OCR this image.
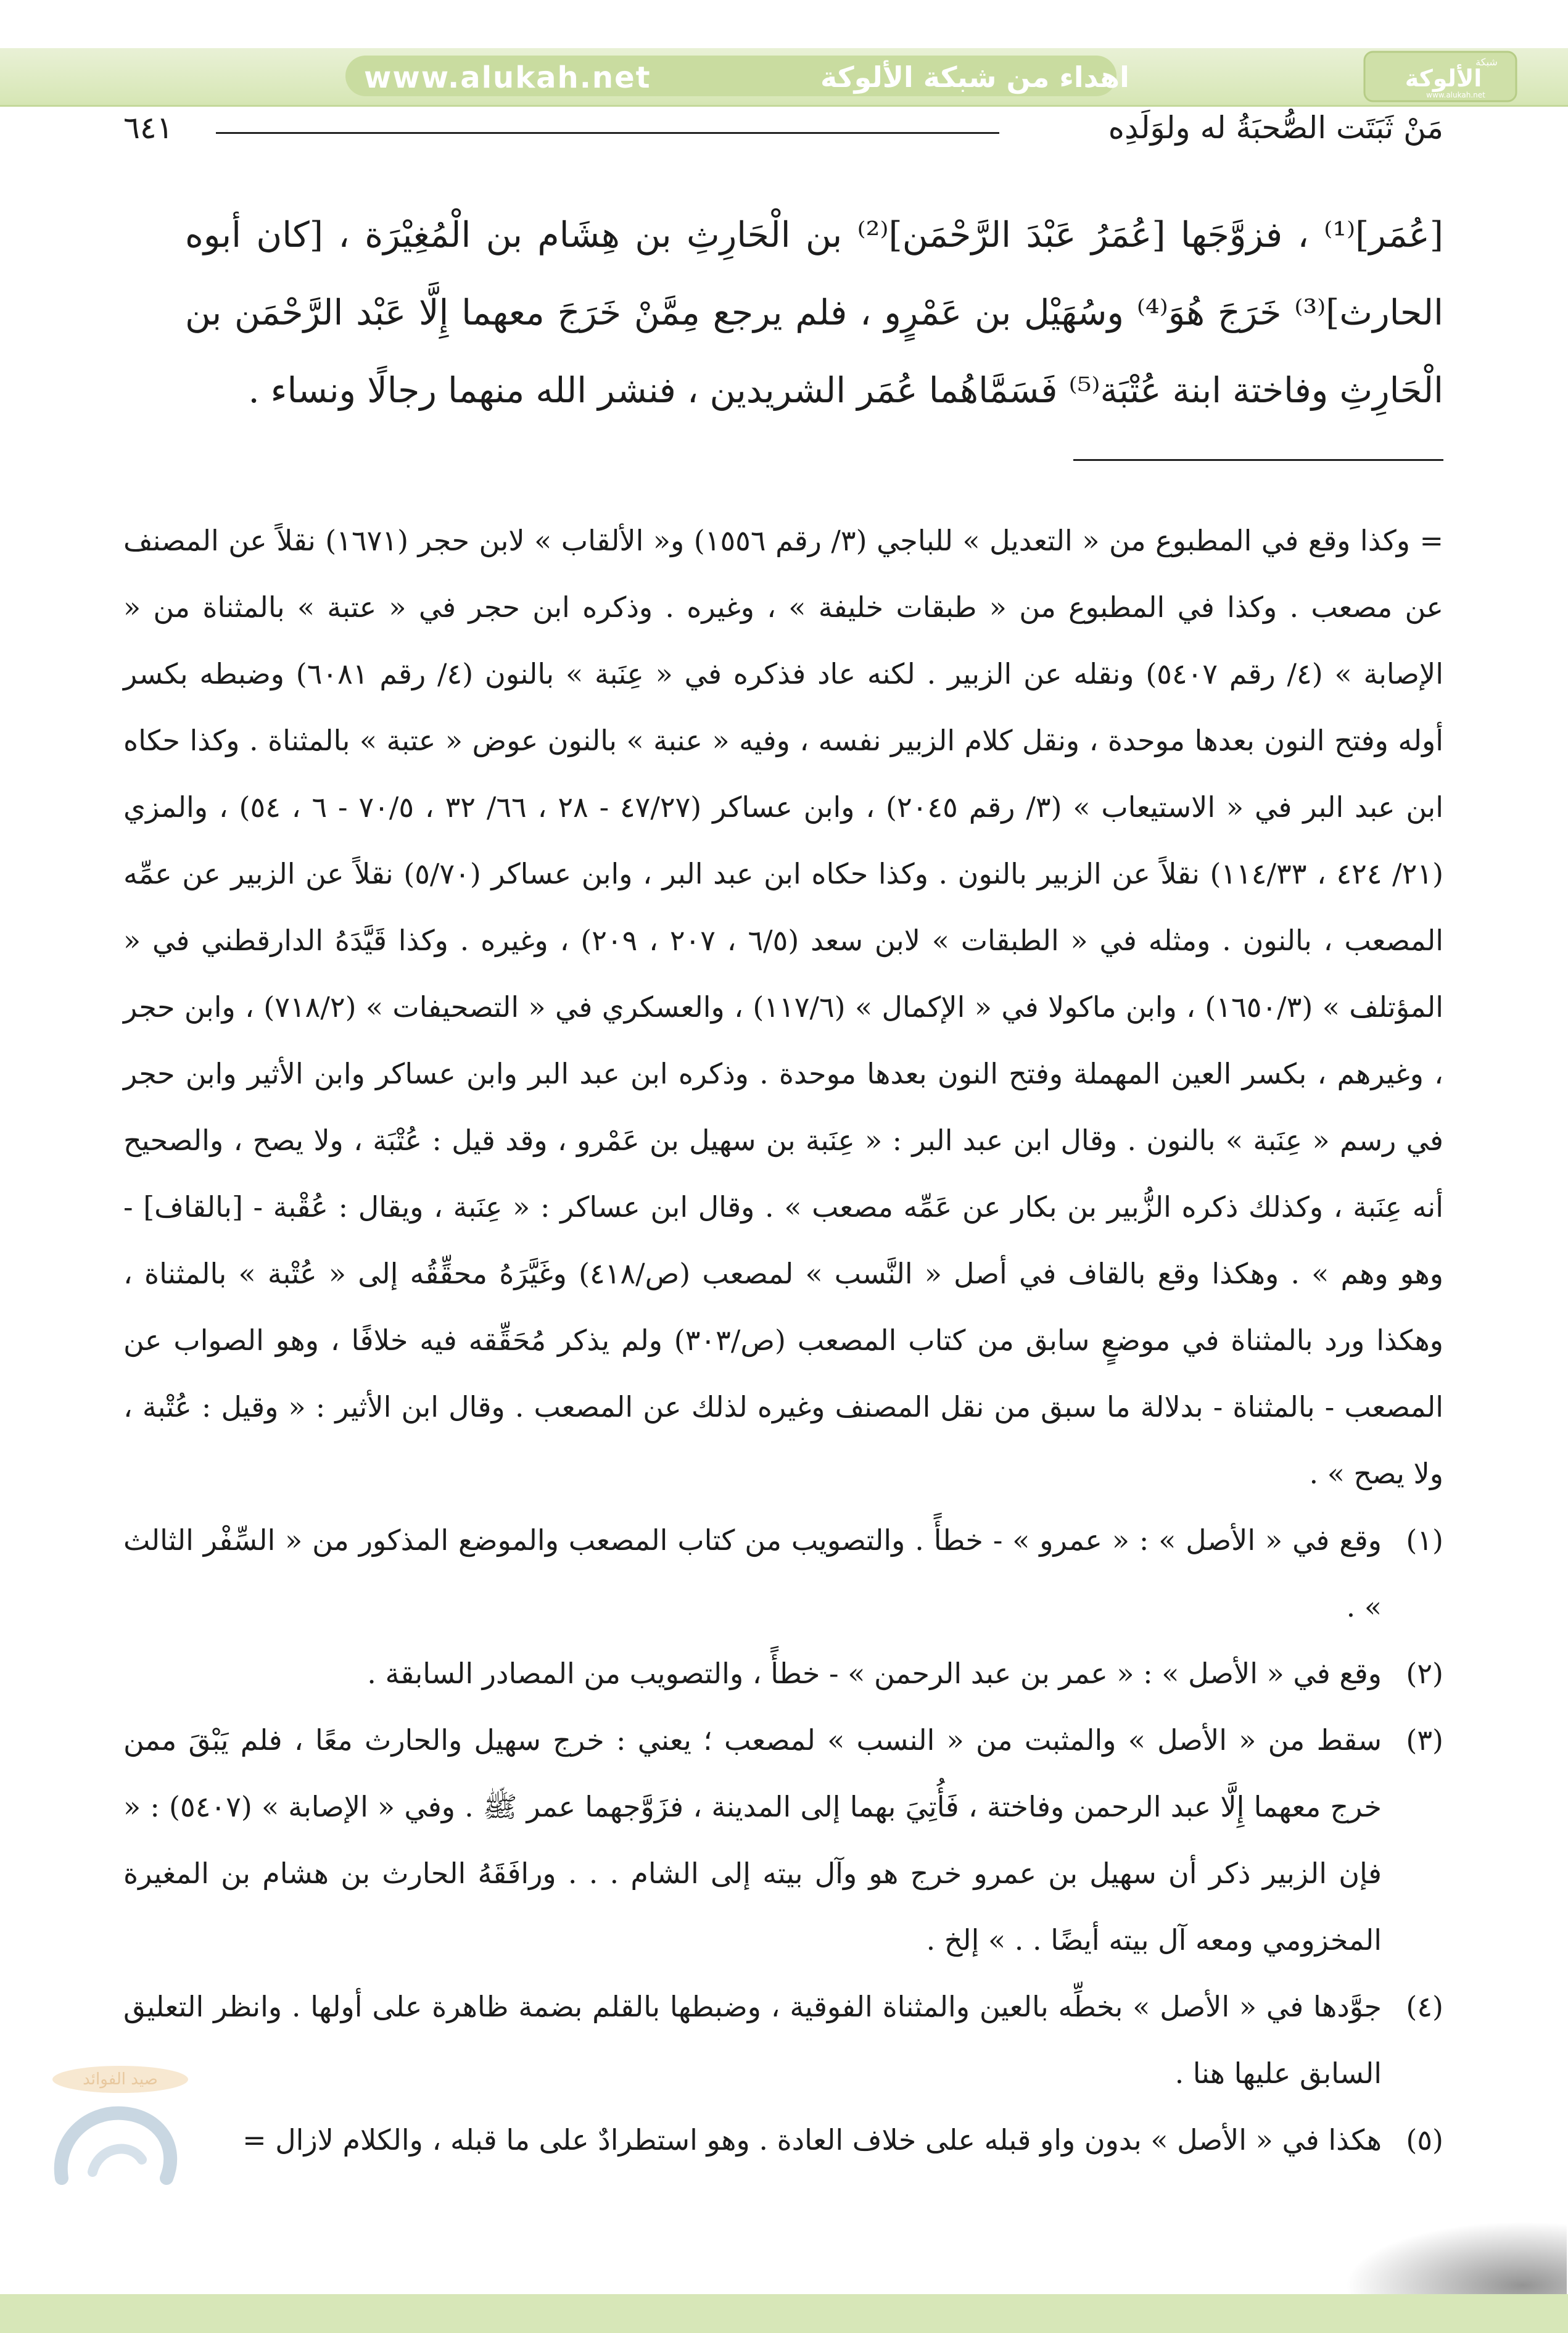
www.alukah.net	اهداء من شبكة الألوكة	شبكة
الألوكة
www.alukah.net
٦٤١	مَنْ ثَبَتَت الصُّحبَةُ له ولوَلَدِه

[عُمَر]⁽¹⁾ ، فزوَّجَها [عُمَرُ عَبْدَ الرَّحْمَن]⁽²⁾ بن الْحَارِثِ بن هِشَام بن الْمُغِيْرَة ، [كان أبوه الحارث]⁽³⁾ خَرَجَ هُوَ⁽⁴⁾ وسُهَيْل بن عَمْرٍو ، فلم يرجع مِمَّنْ خَرَجَ معهما إِلَّا عَبْد الرَّحْمَن بن الْحَارِثِ وفاختة ابنة عُتْبَة⁽⁵⁾ فَسَمَّاهُما عُمَر الشريدين ، فنشر الله منهما رجالًا ونساء .

= وكذا وقع في المطبوع من « التعديل » للباجي (٣/ رقم ١٥٥٦) و« الألقاب » لابن حجر (١٦٧١) نقلاً عن المصنف عن مصعب . وكذا في المطبوع من « طبقات خليفة » ، وغيره . وذكره ابن حجر في « عتبة » بالمثناة من « الإصابة » (٤/ رقم ٥٤٠٧) ونقله عن الزبير . لكنه عاد فذكره في « عِنَبة » بالنون (٤/ رقم ٦٠٨١) وضبطه بكسر أوله وفتح النون بعدها موحدة ، ونقل كلام الزبير نفسه ، وفيه « عنبة » بالنون عوض « عتبة » بالمثناة . وكذا حكاه ابن عبد البر في « الاستيعاب » (٣/ رقم ٢٠٤٥) ، وابن عساكر (٤٧/٢٧ - ٢٨ ، ٦٦/ ٣٢ ، ٧٠/٥ - ٦ ، ٥٤) ، والمزي (٢١/ ٤٢٤ ، ١١٤/٣٣) نقلاً عن الزبير بالنون . وكذا حكاه ابن عبد البر ، وابن عساكر (٥/٧٠) نقلاً عن الزبير عن عمِّه المصعب ، بالنون . ومثله في « الطبقات » لابن سعد (٦/٥ ، ٢٠٧ ، ٢٠٩) ، وغيره . وكذا قَيَّدَهُ الدارقطني في « المؤتلف » (١٦٥٠/٣) ، وابن ماكولا في « الإكمال » (١١٧/٦) ، والعسكري في « التصحيفات » (٧١٨/٢) ، وابن حجر ، وغيرهم ، بكسر العين المهملة وفتح النون بعدها موحدة . وذكره ابن عبد البر وابن عساكر وابن الأثير وابن حجر في رسم « عِنَبة » بالنون . وقال ابن عبد البر : « عِنَبة بن سهيل بن عَمْرو ، وقد قيل : عُتْبَة ، ولا يصح ، والصحيح أنه عِنَبة ، وكذلك ذكره الزُّبير بن بكار عن عَمِّه مصعب » . وقال ابن عساكر : « عِنَبة ، ويقال : عُقْبة - [بالقاف] - وهو وهم » . وهكذا وقع بالقاف في أصل « النَّسب » لمصعب (ص/٤١٨) وغَيَّرَهُ محقِّقُه إلى « عُتْبة » بالمثناة ، وهكذا ورد بالمثناة في موضعٍ سابق من كتاب المصعب (ص/٣٠٣) ولم يذكر مُحَقِّقه فيه خلافًا ، وهو الصواب عن المصعب - بالمثناة - بدلالة ما سبق من نقل المصنف وغيره لذلك عن المصعب . وقال ابن الأثير : « وقيل : عُتْبة ، ولا يصح » .

(١)
وقع في « الأصل » : « عمرو » - خطأً . والتصويب من كتاب المصعب والموضع المذكور من « السِّفْر الثالث » .
(٢)
وقع في « الأصل » : « عمر بن عبد الرحمن » - خطأً ، والتصويب من المصادر السابقة .
(٣)
سقط من « الأصل » والمثبت من « النسب » لمصعب ؛ يعني : خرج سهيل والحارث معًا ، فلم يَبْقَ ممن خرج معهما إِلَّا عبد الرحمن وفاختة ، فَأُتِيَ بهما إلى المدينة ، فزَوَّجهما عمر ﷺ . وفي « الإصابة » (٥٤٠٧) : « فإن الزبير ذكر أن سهيل بن عمرو خرج هو وآل بيته إلى الشام . . . ورافَقَهُ الحارث بن هشام بن المغيرة المخزومي ومعه آل بيته أيضًا . . » إلخ .
(٤)
جوَّدها في « الأصل » بخطِّه بالعين والمثناة الفوقية ، وضبطها بالقلم بضمة ظاهرة على أولها . وانظر التعليق السابق عليها هنا .
(٥)
هكذا في « الأصل » بدون واو قبله على خلاف العادة . وهو استطرادٌ على ما قبله ، والكلام لازال =
صيد الفوائد
